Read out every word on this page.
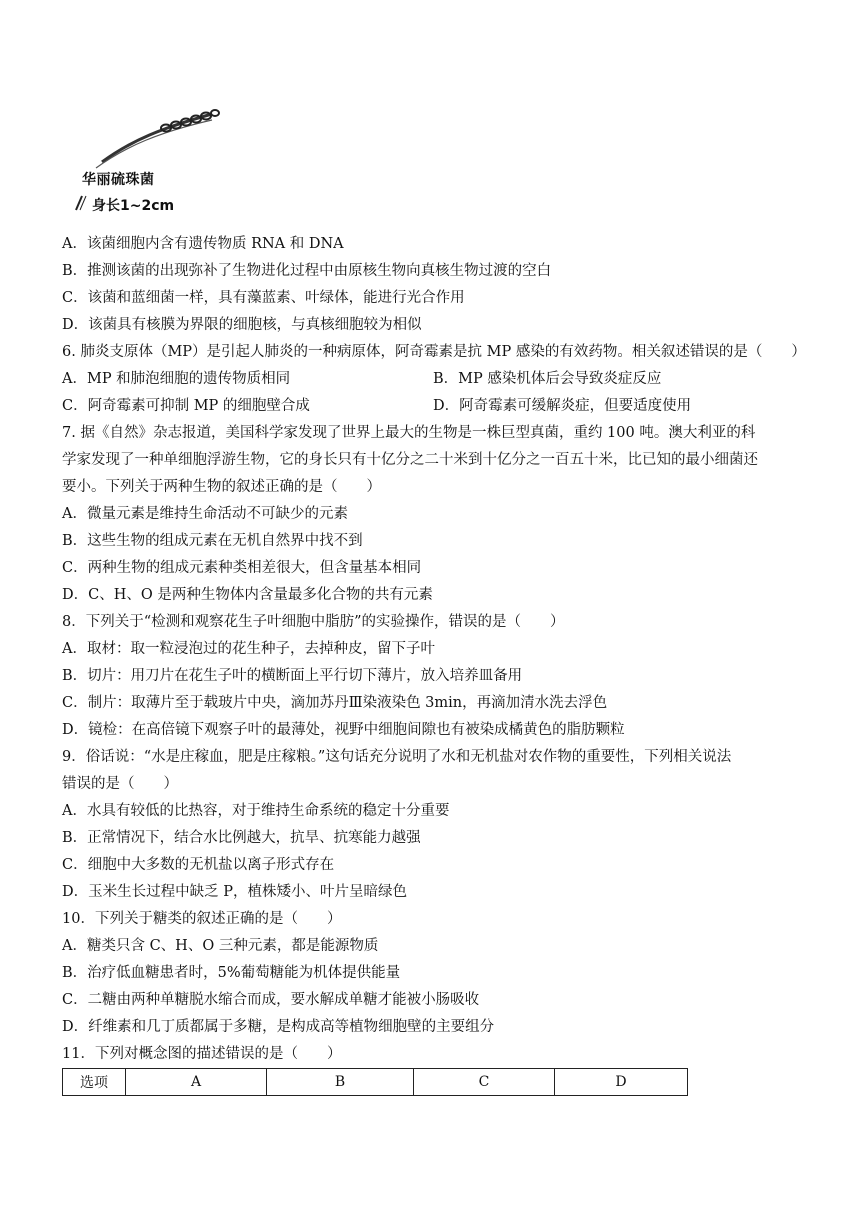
华丽硫珠菌
身长1~2cm
A．该菌细胞内含有遗传物质 RNA 和 DNA
B．推测该菌的出现弥补了生物进化过程中由原核生物向真核生物过渡的空白
C．该菌和蓝细菌一样，具有藻蓝素、叶绿体，能进行光合作用
D．该菌具有核膜为界限的细胞核，与真核细胞较为相似
6. 肺炎支原体（MP）是引起人肺炎的一种病原体，阿奇霉素是抗 MP 感染的有效药物。相关叙述错误的是（　　）
A．MP 和肺泡细胞的遗传物质相同	B．MP 感染机体后会导致炎症反应
C．阿奇霉素可抑制 MP 的细胞壁合成	D．阿奇霉素可缓解炎症，但要适度使用
7. 据《自然》杂志报道，美国科学家发现了世界上最大的生物是一株巨型真菌，重约 100 吨。澳大利亚的科
学家发现了一种单细胞浮游生物，它的身长只有十亿分之二十米到十亿分之一百五十米，比已知的最小细菌还
要小。下列关于两种生物的叙述正确的是（　　）
A．微量元素是维持生命活动不可缺少的元素
B．这些生物的组成元素在无机自然界中找不到
C．两种生物的组成元素种类相差很大，但含量基本相同
D．C、H、O 是两种生物体内含量最多化合物的共有元素
8．下列关于“检测和观察花生子叶细胞中脂肪”的实验操作，错误的是（　　）
A．取材：取一粒浸泡过的花生种子，去掉种皮，留下子叶
B．切片：用刀片在花生子叶的横断面上平行切下薄片，放入培养皿备用
C．制片：取薄片至于载玻片中央，滴加苏丹Ⅲ染液染色 3min，再滴加清水洗去浮色
D．镜检：在高倍镜下观察子叶的最薄处，视野中细胞间隙也有被染成橘黄色的脂肪颗粒
9．俗话说：“水是庄稼血，肥是庄稼粮。”这句话充分说明了水和无机盐对农作物的重要性，下列相关说法
错误的是（　　）
A．水具有较低的比热容，对于维持生命系统的稳定十分重要
B．正常情况下，结合水比例越大，抗旱、抗寒能力越强
C．细胞中大多数的无机盐以离子形式存在
D．玉米生长过程中缺乏 P，植株矮小、叶片呈暗绿色
10．下列关于糖类的叙述正确的是（　　）
A．糖类只含 C、H、O 三种元素，都是能源物质
B．治疗低血糖患者时，5%葡萄糖能为机体提供能量
C．二糖由两种单糖脱水缩合而成，要水解成单糖才能被小肠吸收
D．纤维素和几丁质都属于多糖，是构成高等植物细胞壁的主要组分
11．下列对概念图的描述错误的是（　　）
选项	A	B	C	D
